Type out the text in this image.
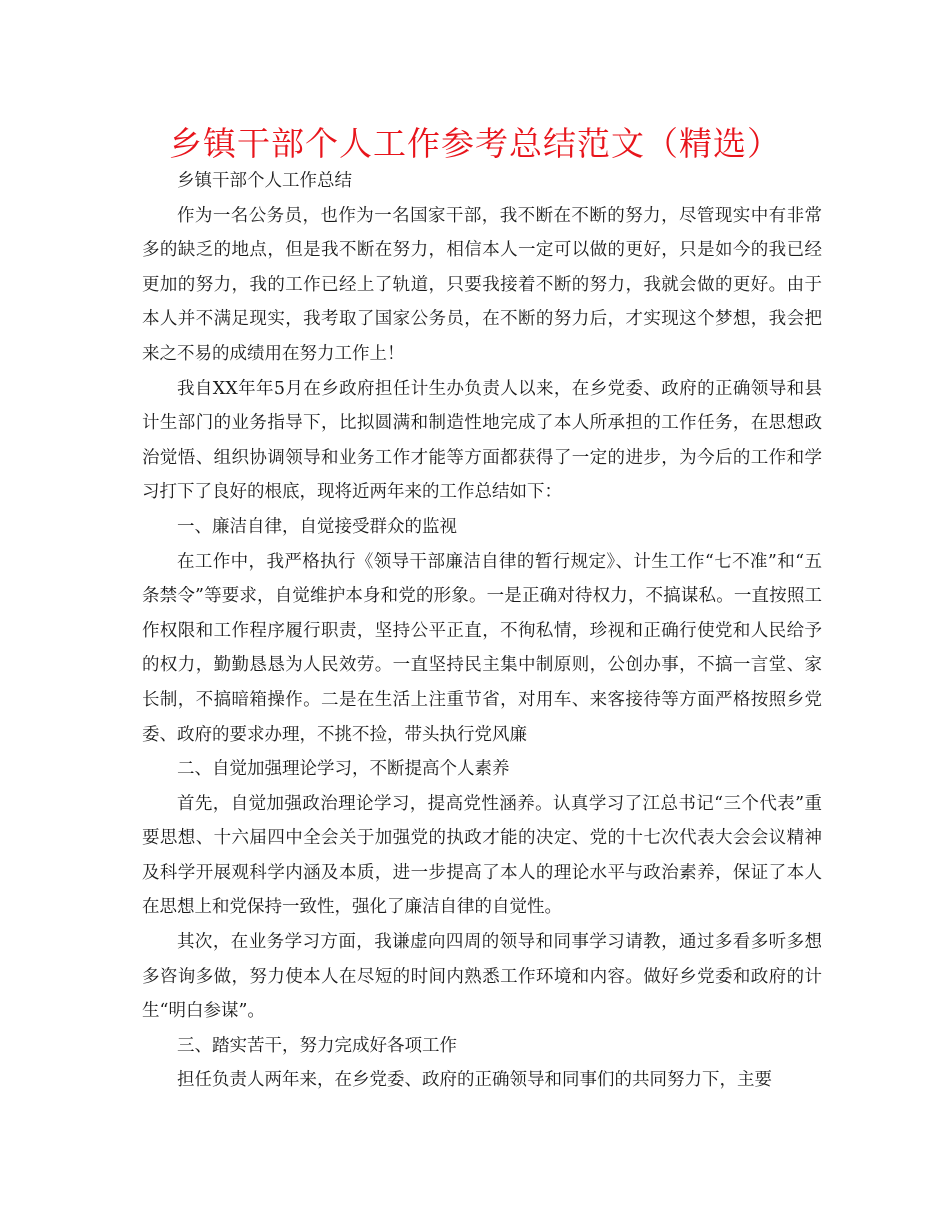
乡镇干部个人工作参考总结范文（精选）

乡镇干部个人工作总结

作为一名公务员，也作为一名国家干部，我不断在不断的努力，尽管现实中有非常多的缺乏的地点，但是我不断在努力，相信本人一定可以做的更好，只是如今的我已经更加的努力，我的工作已经上了轨道，只要我接着不断的努力，我就会做的更好。由于本人并不满足现实，我考取了国家公务员，在不断的努力后，才实现这个梦想，我会把来之不易的成绩用在努力工作上！

我自XX年年5月在乡政府担任计生办负责人以来，在乡党委、政府的正确领导和县计生部门的业务指导下，比拟圆满和制造性地完成了本人所承担的工作任务，在思想政治觉悟、组织协调领导和业务工作才能等方面都获得了一定的进步，为今后的工作和学习打下了良好的根底，现将近两年来的工作总结如下：

一、廉洁自律，自觉接受群众的监视

在工作中，我严格执行《领导干部廉洁自律的暂行规定》、计生工作“七不准”和“五条禁令”等要求，自觉维护本身和党的形象。一是正确对待权力，不搞谋私。一直按照工作权限和工作程序履行职责，坚持公平正直，不徇私情，珍视和正确行使党和人民给予的权力，勤勤恳恳为人民效劳。一直坚持民主集中制原则，公创办事，不搞一言堂、家长制，不搞暗箱操作。二是在生活上注重节省，对用车、来客接待等方面严格按照乡党委、政府的要求办理，不挑不捡，带头执行党风廉

二、自觉加强理论学习，不断提高个人素养

首先，自觉加强政治理论学习，提高党性涵养。认真学习了江总书记“三个代表”重要思想、十六届四中全会关于加强党的执政才能的决定、党的十七次代表大会会议精神及科学开展观科学内涵及本质，进一步提高了本人的理论水平与政治素养，保证了本人在思想上和党保持一致性，强化了廉洁自律的自觉性。

其次，在业务学习方面，我谦虚向四周的领导和同事学习请教，通过多看多听多想多咨询多做，努力使本人在尽短的时间内熟悉工作环境和内容。做好乡党委和政府的计生“明白参谋”。

三、踏实苦干，努力完成好各项工作

担任负责人两年来，在乡党委、政府的正确领导和同事们的共同努力下，主要
